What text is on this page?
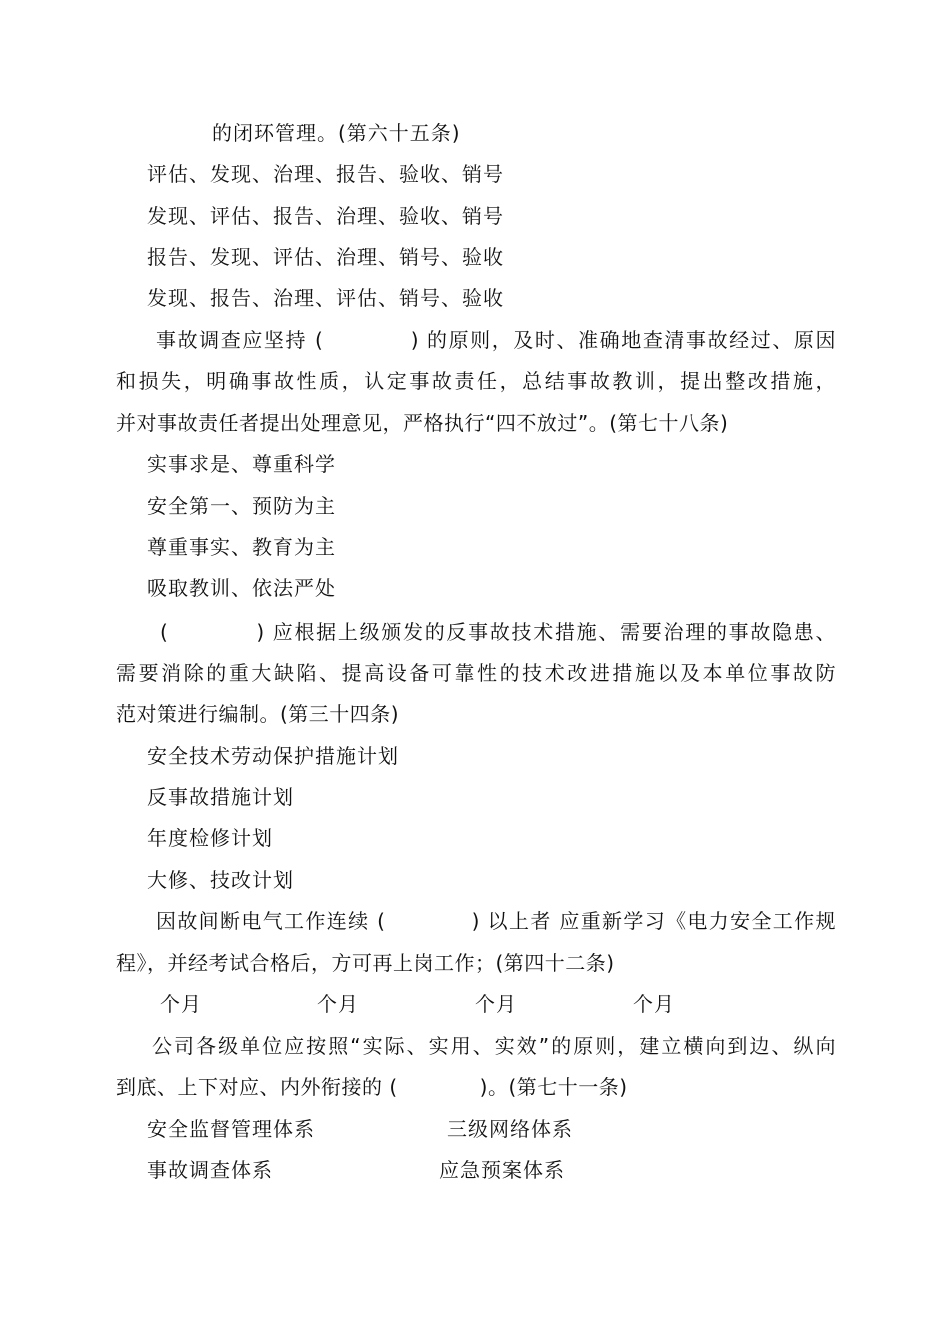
的闭环管理。(第六十五条)
评估、发现、治理、报告、验收、销号
发现、评估、报告、治理、验收、销号
报告、发现、评估、治理、销号、验收
发现、报告、治理、评估、销号、验收
事故调查应坚持 (　　　　) 的原则，及时、准确地查清事故经过、原因
和损失，明确事故性质，认定事故责任，总结事故教训，提出整改措施，
并对事故责任者提出处理意见，严格执行“四不放过”。(第七十八条)
实事求是、尊重科学
安全第一、预防为主
尊重事实、教育为主
吸取教训、依法严处
(　　　　) 应根据上级颁发的反事故技术措施、需要治理的事故隐患、
需要消除的重大缺陷、提高设备可靠性的技术改进措施以及本单位事故防
范对策进行编制。(第三十四条)
安全技术劳动保护措施计划
反事故措施计划
年度检修计划
大修、技改计划
因故间断电气工作连续 (　　　　) 以上者 应重新学习《电力安全工作规
程》，并经考试合格后，方可再上岗工作；(第四十二条)
个月	个月	个月	个月
公司各级单位应按照“实际、实用、实效”的原则，建立横向到边、纵向
到底、上下对应、内外衔接的 (　　　　)。(第七十一条)
安全监督管理体系	三级网络体系
事故调查体系	应急预案体系
